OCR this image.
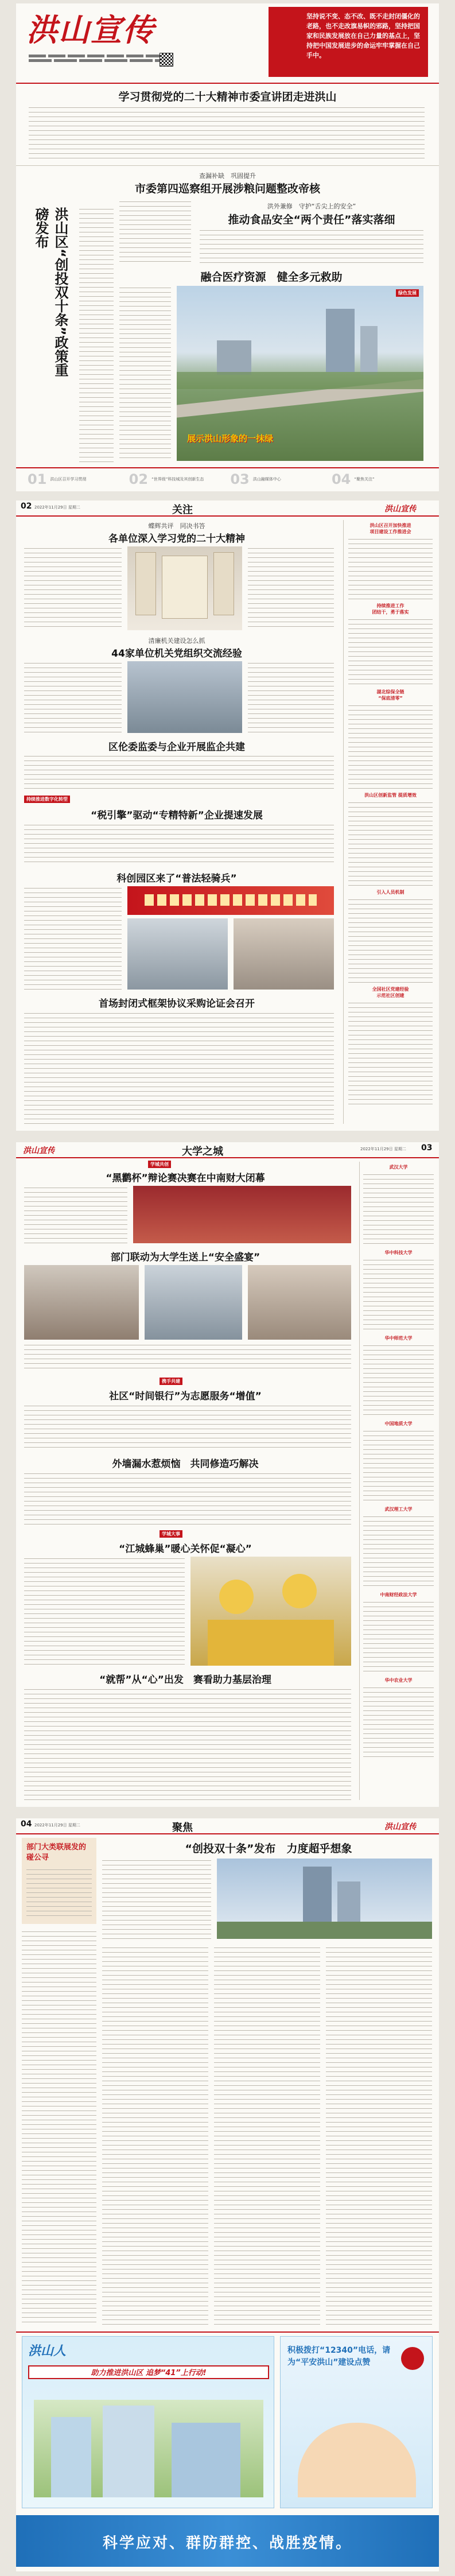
洪山宣传	坚持说不变、态不改、既不走封闭僵化的老路，也不走改旗易帜的邪路，坚持把国家和民族发展放在自己力量的基点上，坚持把中国发展进步的命运牢牢掌握在自己手中。
学习贯彻党的二十大精神市委宣讲团走进洪山
查漏补缺　巩固提升
市委第四巡察组开展涉粮问题整改帝核
洪山区“创投双十条”政策重磅发布
洪外兼修　守护“舌尖上的安全”
推动食品安全“两个责任”落实落细
融合医疗资源　健全多元救助
绿色发展
展示洪山形象的一抹绿
01 洪山区召开学习贯彻	02 “世界级”科技城及其创新生态 03 洪山融媒体中心	04 “聚焦关注”
02 2022年11月29日 星期二	关注	洪山宣传
蝶辉共评　同决书答
各单位深入学习党的二十大精神
清廉机关建设怎么抓
44家单位机关党组织交流经验
区伦委监委与企业开展监企共建
持续推进数字化转型
“税引擎”驱动“专精特新”企业提速发展
科创园区来了“普法轻骑兵”
首场封闭式框架协议采购论证会召开
洪山区召开加快推进
项目建设工作推进会
持续推进工作
团结干，勇于落实
湖北综保全链
“保底清零”
洪山区创新监管 提质增效
引入人员机制
全国社区党建经验
示范社区创建
洪山宣传	大学之城	2022年11月29日 星期二 03
学城共创
“黑鹳杯”辩论赛决赛在中南财大闭幕
部门联动为大学生送上“安全盛宴”
携手共建
社区“时间银行”为志愿服务“增值”
外墙漏水惹烦恼　共同修造巧解决
学城大事
“江城蜂巢”暖心关怀促“凝心”
“就帮”从“心”出发　赛看助力基层治理
武汉大学
华中科技大学
华中师范大学
中国地质大学
武汉理工大学
中南财经政法大学
华中农业大学
04 2022年11月29日 星期二	聚焦	洪山宣传
“创投双十条”发布　力度超乎想象
部门大类联展发的碰公寻
洪山人
助力推进洪山区 追梦“41”上行动!
积极拨打“12340”电话，请为“平安洪山”建设点赞
科学应对、群防群控、战胜疫情。
